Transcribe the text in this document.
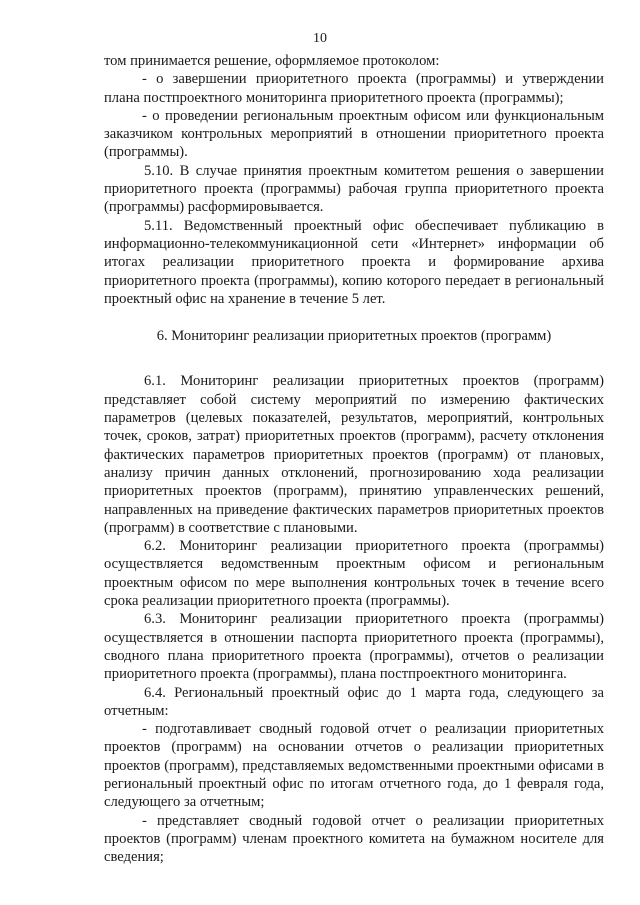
10

том принимается решение, оформляемое протоколом:

- о завершении приоритетного проекта (программы) и утверждении плана постпроектного мониторинга приоритетного проекта (программы);

- о проведении региональным проектным офисом или функциональным заказчиком контрольных мероприятий в отношении приоритетного проекта (программы).

5.10. В случае принятия проектным комитетом решения о завершении приоритетного проекта (программы) рабочая группа приоритетного проекта (программы) расформировывается.

5.11. Ведомственный проектный офис обеспечивает публикацию в информационно-телекоммуникационной сети «Интернет» информации об итогах реализации приоритетного проекта и формирование архива приоритетного проекта (программы), копию которого передает в региональный проектный офис на хранение в течение 5 лет.

6. Мониторинг реализации приоритетных проектов (программ)

6.1. Мониторинг реализации приоритетных проектов (программ) представляет собой систему мероприятий по измерению фактических параметров (целевых показателей, результатов, мероприятий, контрольных точек, сроков, затрат) приоритетных проектов (программ), расчету отклонения фактических параметров приоритетных проектов (программ) от плановых, анализу причин данных отклонений, прогнозированию хода реализации приоритетных проектов (программ), принятию управленческих решений, направленных на приведение фактических параметров приоритетных проектов (программ) в соответствие с плановыми.

6.2. Мониторинг реализации приоритетного проекта (программы) осуществляется ведомственным проектным офисом и региональным проектным офисом по мере выполнения контрольных точек в течение всего срока реализации приоритетного проекта (программы).

6.3. Мониторинг реализации приоритетного проекта (программы) осуществляется в отношении паспорта приоритетного проекта (программы), сводного плана приоритетного проекта (программы), отчетов о реализации приоритетного проекта (программы), плана постпроектного мониторинга.

6.4. Региональный проектный офис до 1 марта года, следующего за отчетным:

- подготавливает сводный годовой отчет о реализации приоритетных проектов (программ) на основании отчетов о реализации приоритетных проектов (программ), представляемых ведомственными проектными офисами в региональный проектный офис по итогам отчетного года, до 1 февраля года, следующего за отчетным;

- представляет сводный годовой отчет о реализации приоритетных проектов (программ) членам проектного комитета на бумажном носителе для сведения;
